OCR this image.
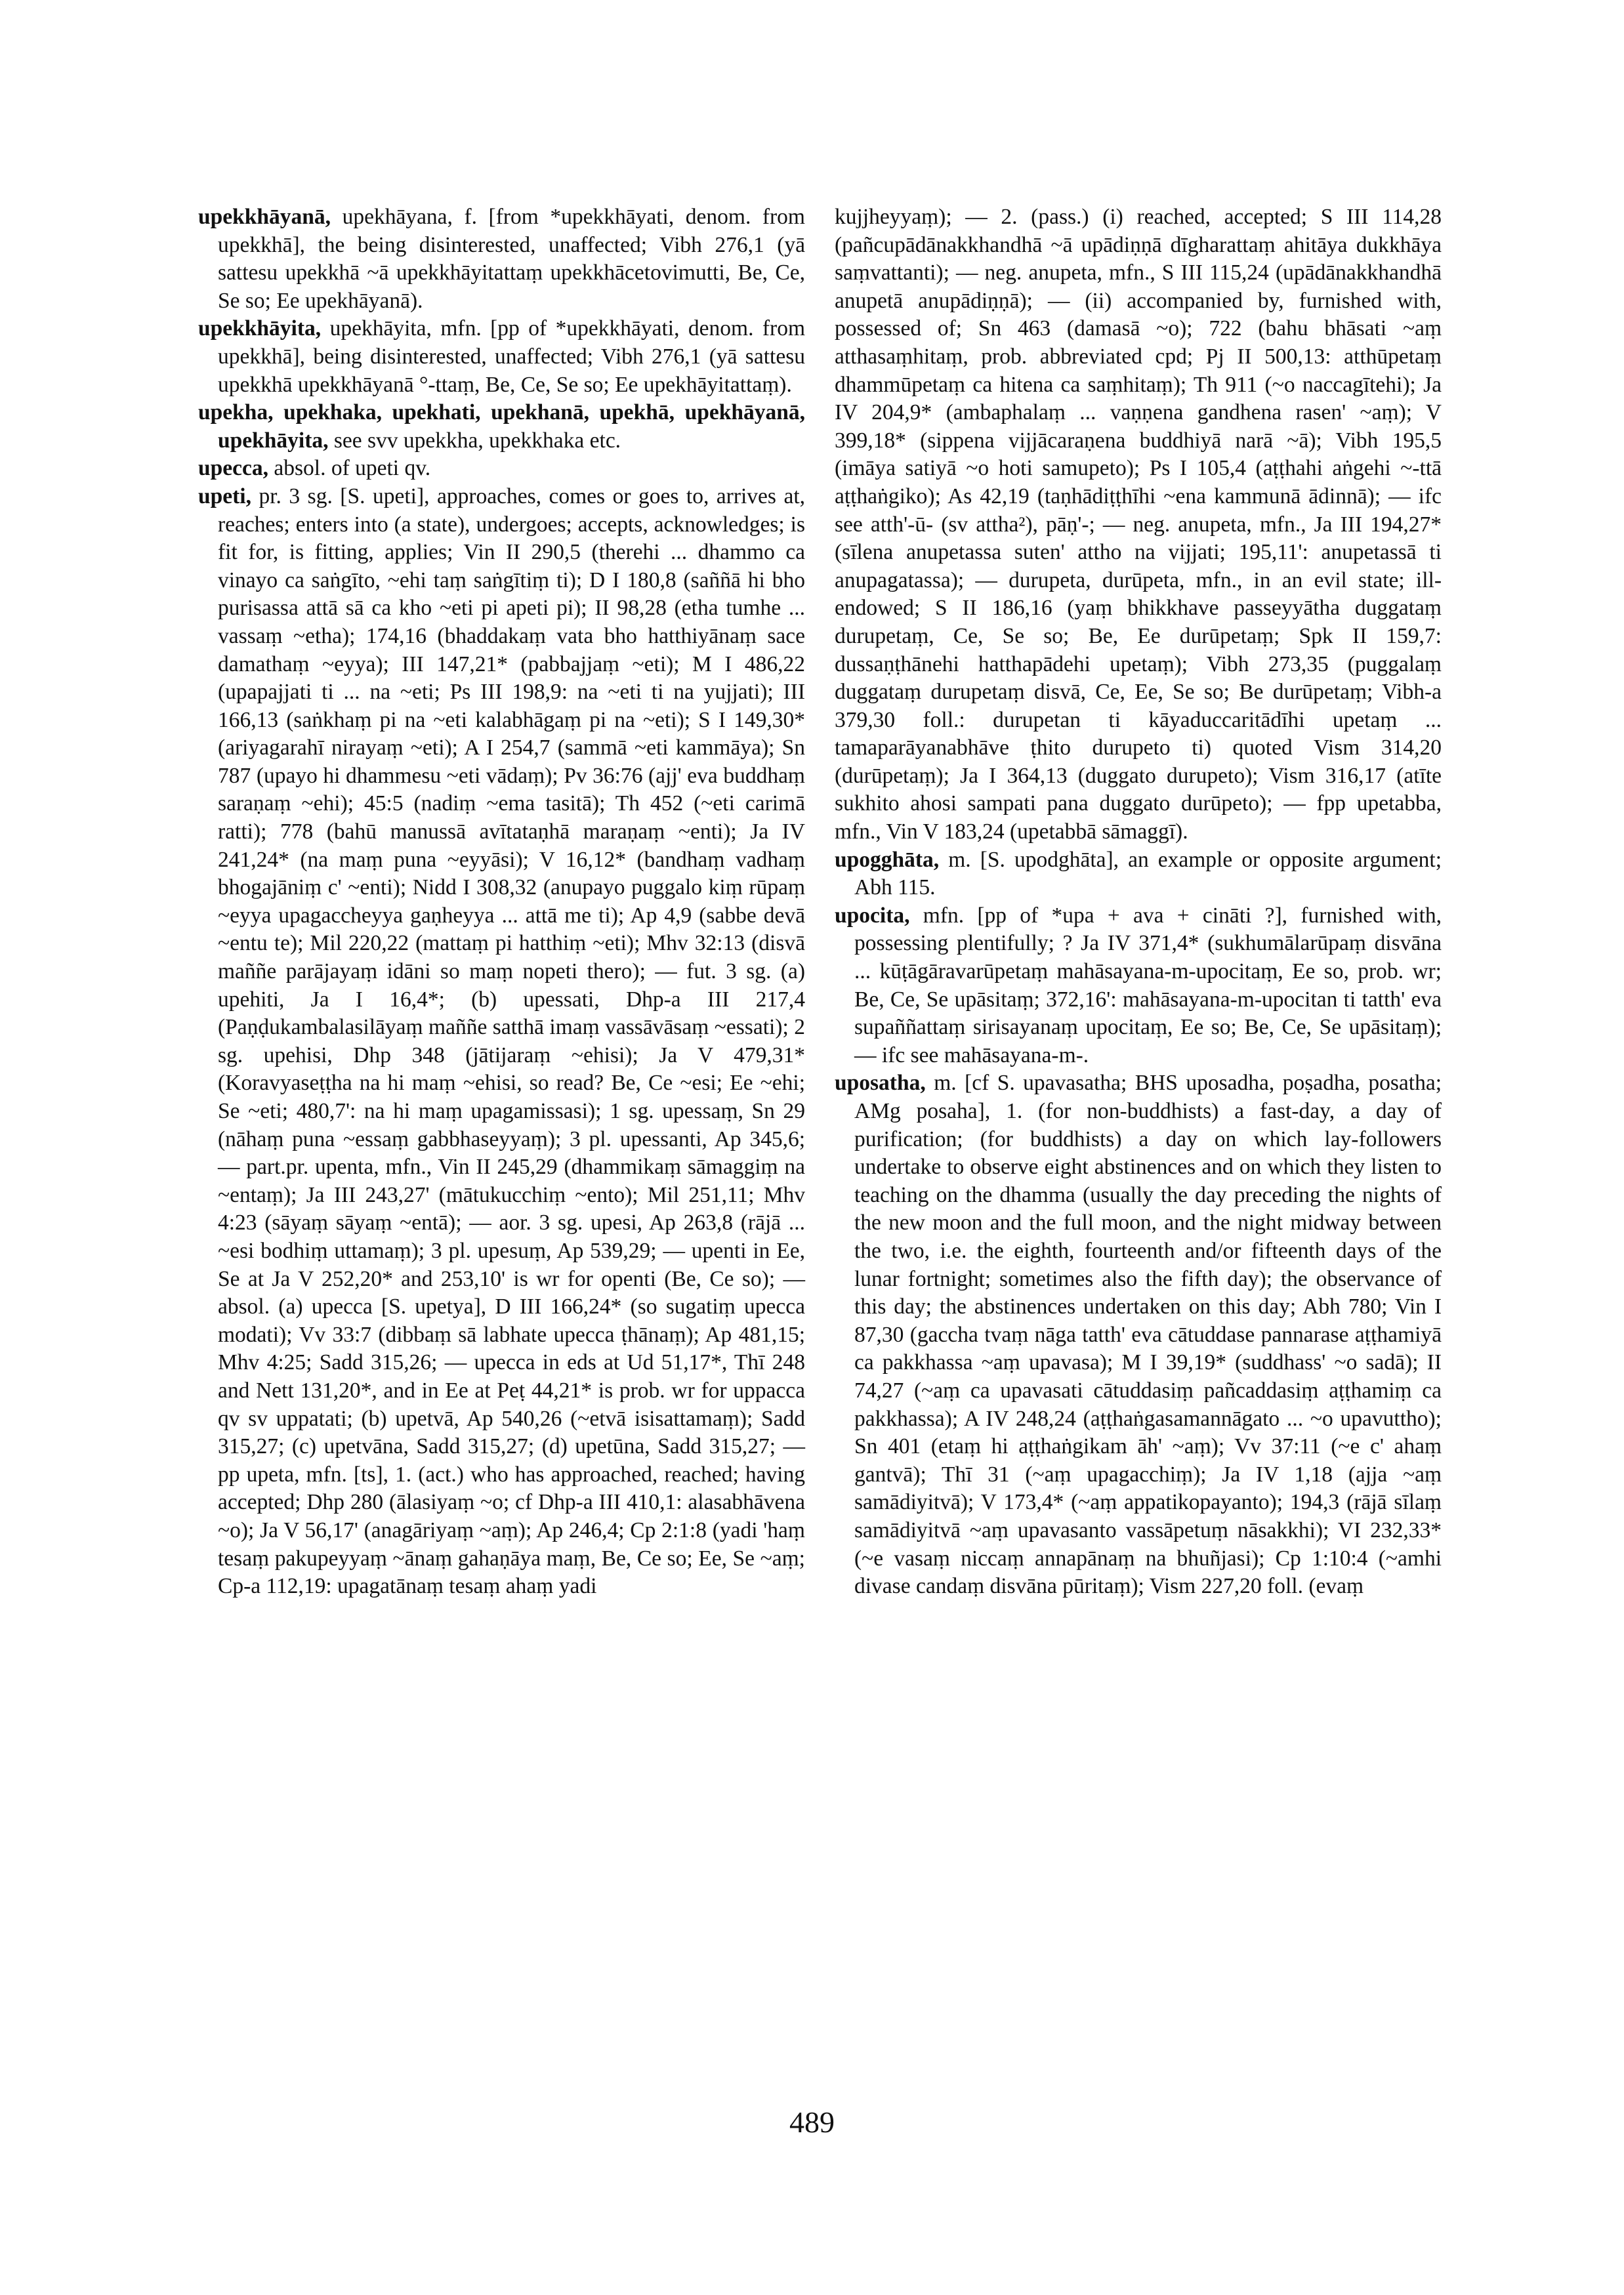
upekkhāyanā, upekhāyana, f. [from *upekkhāyati, denom. from upekkhā], the being disinterested, unaffected; Vibh 276,1 (yā sattesu upekkhā ~ā upekkhāyitattaṃ upekkhācetovimutti, Be, Ce, Se so; Ee upekhāyanā).

upekkhāyita, upekhāyita, mfn. [pp of *upekkhāyati, denom. from upekkhā], being disinterested, unaffected; Vibh 276,1 (yā sattesu upekkhā upekkhāyanā °-ttaṃ, Be, Ce, Se so; Ee upekhāyitattaṃ).

upekha, upekhaka, upekhati, upekhanā, upekhā, upekhāyanā, upekhāyita, see svv upekkha, upekkhaka etc.

upecca, absol. of upeti qv.

upeti, pr. 3 sg. [S. upeti], approaches, comes or goes to, arrives at, reaches; enters into (a state), undergoes; accepts, acknowledges; is fit for, is fitting, applies; Vin II 290,5 (therehi ... dhammo ca vinayo ca saṅgīto, ~ehi taṃ saṅgītiṃ ti); D I 180,8 (saññā hi bho purisassa attā sā ca kho ~eti pi apeti pi); II 98,28 (etha tumhe ... vassaṃ ~etha); 174,16 (bhaddakaṃ vata bho hatthiyānaṃ sace damathaṃ ~eyya); III 147,21* (pabbajjaṃ ~eti); M I 486,22 (upapajjati ti ... na ~eti; Ps III 198,9: na ~eti ti na yujjati); III 166,13 (saṅkhaṃ pi na ~eti kalabhāgaṃ pi na ~eti); S I 149,30* (ariyagarahī nirayaṃ ~eti); A I 254,7 (sammā ~eti kammāya); Sn 787 (upayo hi dhammesu ~eti vādaṃ); Pv 36:76 (ajj' eva buddhaṃ saraṇaṃ ~ehi); 45:5 (nadiṃ ~ema tasitā); Th 452 (~eti carimā ratti); 778 (bahū manussā avītataṇhā maraṇaṃ ~enti); Ja IV 241,24* (na maṃ puna ~eyyāsi); V 16,12* (bandhaṃ vadhaṃ bhogajāniṃ c' ~enti); Nidd I 308,32 (anupayo puggalo kiṃ rūpaṃ ~eyya upagaccheyya gaṇheyya ... attā me ti); Ap 4,9 (sabbe devā ~entu te); Mil 220,22 (mattaṃ pi hatthiṃ ~eti); Mhv 32:13 (disvā maññe parājayaṃ idāni so maṃ nopeti thero); — fut. 3 sg. (a) upehiti, Ja I 16,4*; (b) upessati, Dhp-a III 217,4 (Paṇḍukambalasilāyaṃ maññe satthā imaṃ vassāvāsaṃ ~essati); 2 sg. upehisi, Dhp 348 (jātijaraṃ ~ehisi); Ja V 479,31* (Koravyaseṭṭha na hi maṃ ~ehisi, so read? Be, Ce ~esi; Ee ~ehi; Se ~eti; 480,7': na hi maṃ upagamissasi); 1 sg. upessaṃ, Sn 29 (nāhaṃ puna ~essaṃ gabbhaseyyaṃ); 3 pl. upessanti, Ap 345,6; — part.pr. upenta, mfn., Vin II 245,29 (dhammikaṃ sāmaggiṃ na ~entaṃ); Ja III 243,27' (mātukucchiṃ ~ento); Mil 251,11; Mhv 4:23 (sāyaṃ sāyaṃ ~entā); — aor. 3 sg. upesi, Ap 263,8 (rājā ... ~esi bodhiṃ uttamaṃ); 3 pl. upesuṃ, Ap 539,29; — upenti in Ee, Se at Ja V 252,20* and 253,10' is wr for openti (Be, Ce so); — absol. (a) upecca [S. upetya], D III 166,24* (so sugatiṃ upecca modati); Vv 33:7 (dibbaṃ sā labhate upecca ṭhānaṃ); Ap 481,15; Mhv 4:25; Sadd 315,26; — upecca in eds at Ud 51,17*, Thī 248 and Nett 131,20*, and in Ee at Peṭ 44,21* is prob. wr for uppacca qv sv uppatati; (b) upetvā, Ap 540,26 (~etvā isisattamaṃ); Sadd 315,27; (c) upetvāna, Sadd 315,27; (d) upetūna, Sadd 315,27; — pp upeta, mfn. [ts], 1. (act.) who has approached, reached; having accepted; Dhp 280 (ālasiyaṃ ~o; cf Dhp-a III 410,1: alasabhāvena ~o); Ja V 56,17' (anagāriyaṃ ~aṃ); Ap 246,4; Cp 2:1:8 (yadi 'haṃ tesaṃ pakupeyyaṃ ~ānaṃ gahaṇāya maṃ, Be, Ce so; Ee, Se ~aṃ; Cp-a 112,19: upagatānaṃ tesaṃ ahaṃ yadi

kujjheyyaṃ); — 2. (pass.) (i) reached, accepted; S III 114,28 (pañcupādānakkhandhā ~ā upādiṇṇā dīgharattaṃ ahitāya dukkhāya saṃvattanti); — neg. anupeta, mfn., S III 115,24 (upādānakkhandhā anupetā anupādiṇṇā); — (ii) accompanied by, furnished with, possessed of; Sn 463 (damasā ~o); 722 (bahu bhāsati ~aṃ atthasaṃhitaṃ, prob. abbreviated cpd; Pj II 500,13: atthūpetaṃ dhammūpetaṃ ca hitena ca saṃhitaṃ); Th 911 (~o naccagītehi); Ja IV 204,9* (ambaphalaṃ ... vaṇṇena gandhena rasen' ~aṃ); V 399,18* (sippena vijjācaraṇena buddhiyā narā ~ā); Vibh 195,5 (imāya satiyā ~o hoti samupeto); Ps I 105,4 (aṭṭhahi aṅgehi ~-ttā aṭṭhaṅgiko); As 42,19 (taṇhādiṭṭhīhi ~ena kammunā ādinnā); — ifc see atth'-ū- (sv attha²), pāṇ'-; — neg. anupeta, mfn., Ja III 194,27* (sīlena anupetassa suten' attho na vijjati; 195,11': anupetassā ti anupagatassa); — durupeta, durūpeta, mfn., in an evil state; ill-endowed; S II 186,16 (yaṃ bhikkhave passeyyātha duggataṃ durupetaṃ, Ce, Se so; Be, Ee durūpetaṃ; Spk II 159,7: dussaṇṭhānehi hatthapādehi upetaṃ); Vibh 273,35 (puggalaṃ duggataṃ durupetaṃ disvā, Ce, Ee, Se so; Be durūpetaṃ; Vibh-a 379,30 foll.: durupetan ti kāyaduccaritādīhi upetaṃ ... tamaparāyanabhāve ṭhito durupeto ti) quoted Vism 314,20 (durūpetaṃ); Ja I 364,13 (duggato durupeto); Vism 316,17 (atīte sukhito ahosi sampati pana duggato durūpeto); — fpp upetabba, mfn., Vin V 183,24 (upetabbā sāmaggī).

upogghāta, m. [S. upodghāta], an example or opposite argument; Abh 115.

upocita, mfn. [pp of *upa + ava + cināti ?], furnished with, possessing plentifully; ? Ja IV 371,4* (sukhumālarūpaṃ disvāna ... kūṭāgāravarūpetaṃ mahāsayana-m-upocitaṃ, Ee so, prob. wr; Be, Ce, Se upāsitaṃ; 372,16': mahāsayana-m-upocitan ti tatth' eva supaññattaṃ sirisayanaṃ upocitaṃ, Ee so; Be, Ce, Se upāsitaṃ); — ifc see mahāsayana-m-.

uposatha, m. [cf S. upavasatha; BHS uposadha, poṣadha, posatha; AMg posaha], 1. (for non-buddhists) a fast-day, a day of purification; (for buddhists) a day on which lay-followers undertake to observe eight abstinences and on which they listen to teaching on the dhamma (usually the day preceding the nights of the new moon and the full moon, and the night midway between the two, i.e. the eighth, fourteenth and/or fifteenth days of the lunar fortnight; sometimes also the fifth day); the observance of this day; the abstinences undertaken on this day; Abh 780; Vin I 87,30 (gaccha tvaṃ nāga tatth' eva cātuddase pannarase aṭṭhamiyā ca pakkhassa ~aṃ upavasa); M I 39,19* (suddhass' ~o sadā); II 74,27 (~aṃ ca upavasati cātuddasiṃ pañcaddasiṃ aṭṭhamiṃ ca pakkhassa); A IV 248,24 (aṭṭhaṅgasamannāgato ... ~o upavuttho); Sn 401 (etaṃ hi aṭṭhaṅgikam āh' ~aṃ); Vv 37:11 (~e c' ahaṃ gantvā); Thī 31 (~aṃ upagacchiṃ); Ja IV 1,18 (ajja ~aṃ samādiyitvā); V 173,4* (~aṃ appatikopayanto); 194,3 (rājā sīlaṃ samādiyitvā ~aṃ upavasanto vassāpetuṃ nāsakkhi); VI 232,33* (~e vasaṃ niccaṃ annapānaṃ na bhuñjasi); Cp 1:10:4 (~amhi divase candaṃ disvāna pūritaṃ); Vism 227,20 foll. (evaṃ

489
